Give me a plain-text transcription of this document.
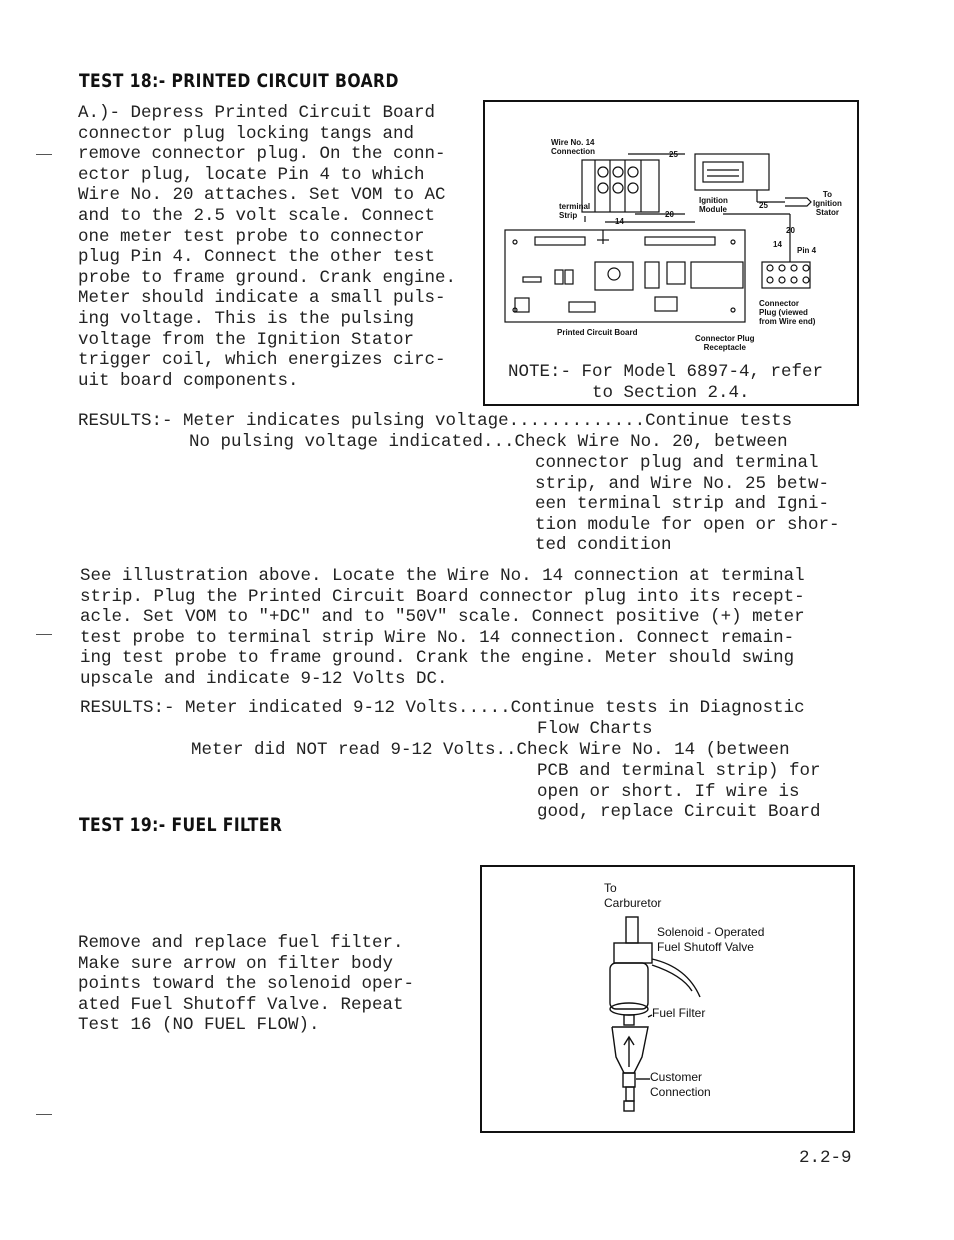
TEST 18:- PRINTED CIRCUIT BOARD
A.)- Depress Printed Circuit Board
connector plug locking tangs and
remove connector plug. On the conn-
ector plug, locate Pin 4 to which
Wire No. 20 attaches. Set VOM to AC
and to the 2.5 volt scale. Connect
one meter test probe to connector
plug Pin 4. Connect the other test
probe to frame ground. Crank engine.
Meter should indicate a small puls-
ing voltage. This is the pulsing
voltage from the Ignition Stator
trigger coil, which energizes circ-
uit board components.
Wire No. 14
Connection
terminal
Strip
Ignition
Module
To
Ignition
Stator
Pin 4
Connector
Plug (viewed
from Wire end)
Printed Circuit Board
Connector Plug
Receptacle
25
20
14
25
20
14
NOTE:- For Model 6897-4, refer
to Section 2.4.
RESULTS:- Meter indicates pulsing voltage.............Continue tests
No pulsing voltage indicated...Check Wire No. 20, between
connector plug and terminal
strip, and Wire No. 25 betw-
een terminal strip and Igni-
tion module for open or shor-
ted condition
See illustration above. Locate the Wire No. 14 connection at terminal
strip. Plug the Printed Circuit Board connector plug into its recept-
acle. Set VOM to "+DC" and to "50V" scale. Connect positive (+) meter
test probe to terminal strip Wire No. 14 connection. Connect remain-
ing test probe to frame ground. Crank the engine. Meter should swing
upscale and indicate 9-12 Volts DC.
RESULTS:- Meter indicated 9-12 Volts.....Continue tests in Diagnostic
Flow Charts
Meter did NOT read 9-12 Volts..Check Wire No. 14 (between
PCB and terminal strip) for
open or short. If wire is
good, replace Circuit Board
TEST 19:- FUEL FILTER
Remove and replace fuel filter.
Make sure arrow on filter body
points toward the solenoid oper-
ated Fuel Shutoff Valve. Repeat
Test 16 (NO FUEL FLOW).
To
Carburetor
Solenoid - Operated
Fuel Shutoff Valve
Fuel Filter
Customer
Connection
2.2-9
